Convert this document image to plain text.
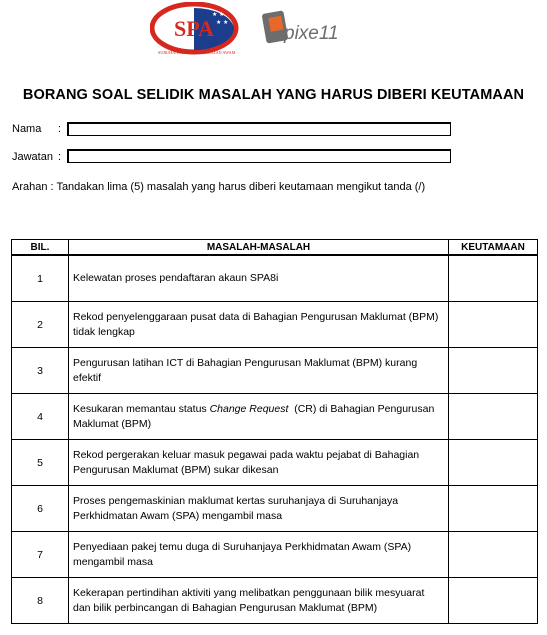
SPA
★ ★
★ ★
SURUHANJAYA PERKHIDMATAN AWAM
pixe11
BORANG SOAL SELIDIK MASALAH YANG HARUS DIBERI KEUTAMAAN
Nama :
Jawatan :
Arahan : Tandakan lima (5) masalah yang harus diberi keutamaan mengikut tanda (/)
BIL.	MASALAH-MASALAH	KEUTAMAAN
1	Kelewatan proses pendaftaran akaun SPA8i	
2	Rekod penyelenggaraan pusat data di Bahagian Pengurusan Maklumat (BPM) tidak lengkap	
3	Pengurusan latihan ICT di Bahagian Pengurusan Maklumat (BPM) kurang efektif	
4	Kesukaran memantau status Change Request  (CR) di Bahagian Pengurusan Maklumat (BPM)	
5	Rekod pergerakan keluar masuk pegawai pada waktu pejabat di Bahagian Pengurusan Maklumat (BPM) sukar dikesan	
6	Proses pengemaskinian maklumat kertas suruhanjaya di Suruhanjaya Perkhidmatan Awam (SPA) mengambil masa	
7	Penyediaan pakej temu duga di Suruhanjaya Perkhidmatan Awam (SPA) mengambil masa	
8	Kekerapan pertindihan aktiviti yang melibatkan penggunaan bilik mesyuarat dan bilik perbincangan di Bahagian Pengurusan Maklumat (BPM)	
